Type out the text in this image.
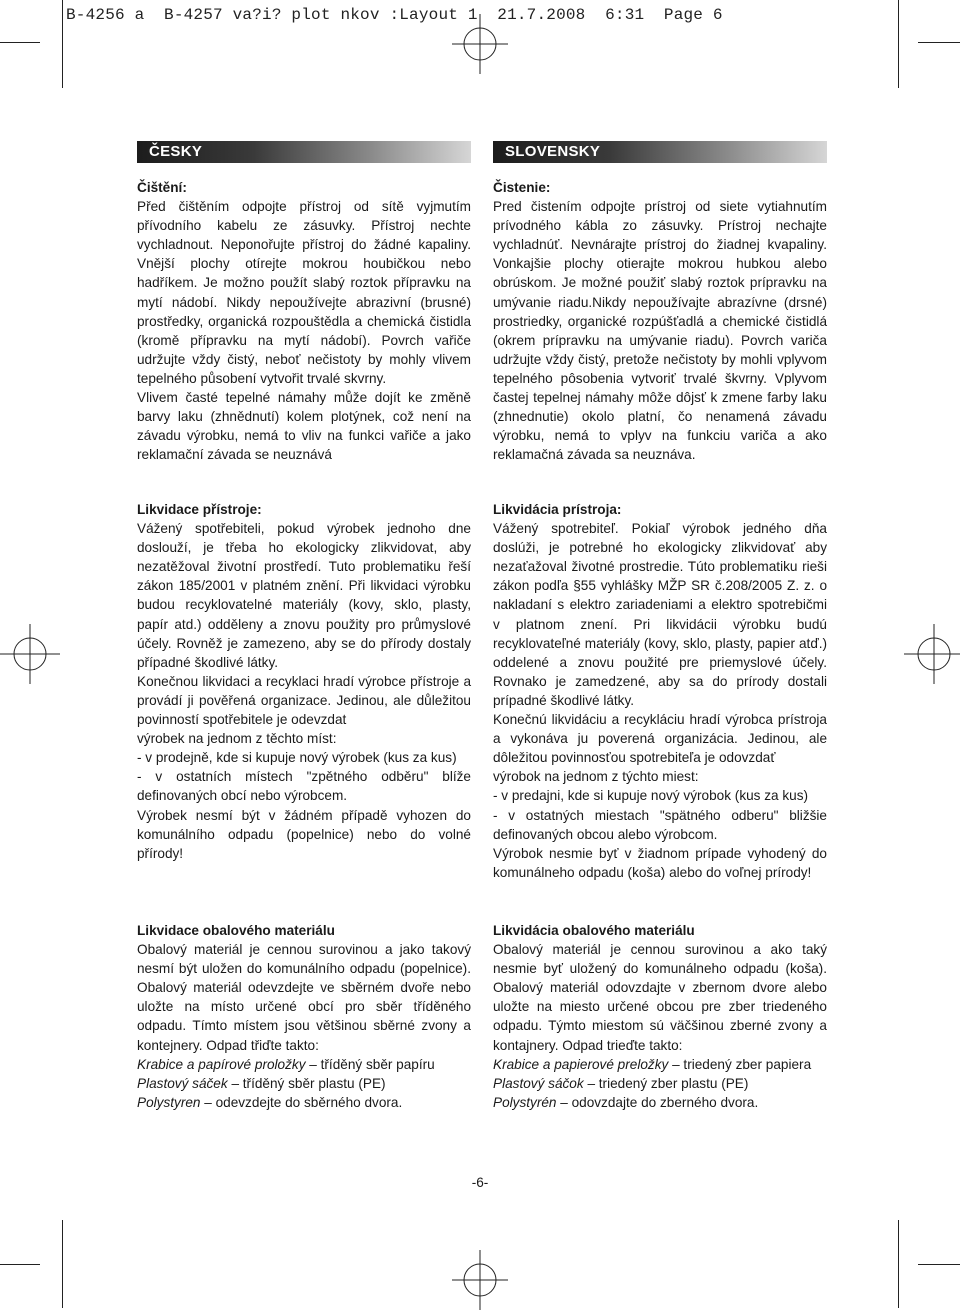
B-4256 a  B-4257 va?i? plot nkov :Layout 1  21.7.2008  6:31  Page 6
ČESKY	SLOVENSKY

Čištění:

Před čištěním odpojte přístroj od sítě vyjmutím přívodního kabelu ze zásuvky. Přístroj nechte vychladnout. Neponořujte přístroj do žádné kapaliny. Vnější plochy otírejte mokrou houbičkou nebo hadříkem. Je možno použít slabý roztok přípravku na mytí nádobí. Nikdy nepoužívejte abrazivní (brusné) prostředky, organická rozpouštědla a chemická čistidla (kromě přípravku na mytí nádobí). Povrch vařiče udržujte vždy čistý, neboť nečistoty by mohly vlivem tepelného působení vytvořit trvalé skvrny.

Vlivem časté tepelné námahy může dojít ke změně barvy laku (zhnědnutí) kolem plotýnek, což není na závadu výrobku, nemá to vliv na funkci vařiče a jako reklamační závada se neuznává

Likvidace přístroje:

Vážený spotřebiteli, pokud výrobek jednoho dne doslouží, je třeba ho ekologicky zlikvidovat, aby nezatěžoval životní prostředí. Tuto problematiku řeší zákon 185/2001 v platném znění. Při likvidaci výrobku budou recyklovatelné materiály (kovy, sklo, plasty, papír atd.) odděleny a znovu použity pro průmyslové účely. Rovněž je zamezeno, aby se do přírody dostaly případné škodlivé látky.

Konečnou likvidaci a recyklaci hradí výrobce přístroje a provádí ji pověřená organizace. Jedinou, ale důležitou povinností spotřebitele je odevzdat

výrobek na jednom z těchto míst:

- v prodejně, kde si kupuje nový výrobek (kus za kus)

- v ostatních místech "zpětného odběru" blíže definovaných obcí nebo výrobcem.

Výrobek nesmí být v žádném případě vyhozen do komunálního odpadu (popelnice) nebo do volné přírody!

Likvidace obalového materiálu

Obalový materiál je cennou surovinou a jako takový nesmí být uložen do komunálního odpadu (popelnice). Obalový materiál odevzdejte ve sběrném dvoře nebo uložte na místo určené obcí pro sběr tříděného odpadu. Tímto místem jsou většinou sběrné zvony a kontejnery. Odpad třiďte takto:

Krabice a papírové proložky – tříděný sběr papíru

Plastový sáček – tříděný sběr plastu (PE)

Polystyren – odevzdejte do sběrného dvora.

Čistenie:

Pred čistením odpojte prístroj od siete vytiahnutím prívodného kábla zo zásuvky. Prístroj nechajte vychladnúť. Nevnárajte prístroj do žiadnej kvapaliny. Vonkajšie plochy otierajte mokrou hubkou alebo obrúskom. Je možné použiť slabý roztok prípravku na umývanie riadu.Nikdy nepoužívajte abrazívne (drsné) prostriedky, organické rozpúšťadlá a chemické čistidlá (okrem prípravku na umývanie riadu). Povrch variča udržujte vždy čistý, pretože nečistoty by mohli vplyvom tepelného pôsobenia vytvoriť trvalé škvrny. Vplyvom častej tepelnej námahy môže dôjsť k zmene farby laku (zhnednutie) okolo platní, čo nenamená závadu výrobku, nemá to vplyv na funkciu variča a ako reklamačná závada sa neuznáva.

Likvidácia prístroja:

Vážený spotrebiteľ. Pokiaľ výrobok jedného dňa doslúži, je potrebné ho ekologicky zlikvidovať aby nezaťažoval životné prostredie. Túto problematiku rieši zákon podľa §55 vyhlášky MŽP SR č.208/2005 Z. z. o nakladaní s elektro zariadeniami a elektro spotrebičmi v platnom znení. Pri likvidácii výrobku budú recyklovateľné materiály (kovy, sklo, plasty, papier atď.) oddelené a znovu použité pre priemyslové účely. Rovnako je zamedzené, aby sa do prírody dostali prípadné škodlivé látky.

Konečnú likvidáciu a recykláciu hradí výrobca prístroja a vykonáva ju poverená organizácia. Jedinou, ale dôležitou povinnosťou spotrebiteľa je odovzdať

výrobok na jednom z týchto miest:

- v predajni, kde si kupuje nový výrobok (kus za kus)

- v ostatných miestach "spätného odberu" bližšie definovaných obcou alebo výrobcom.

Výrobok nesmie byť v žiadnom prípade vyhodený do komunálneho odpadu (koša) alebo do voľnej prírody!

Likvidácia obalového materiálu

Obalový materiál je cennou surovinou a ako taký nesmie byť uložený do komunálneho odpadu (koša). Obalový materiál odovzdajte v zbernom dvore alebo uložte na miesto určené obcou pre zber triedeného odpadu. Týmto miestom sú väčšinou zberné zvony a kontajnery. Odpad trieďte takto:

Krabice a papierové preložky – triedený zber papiera

Plastový sáčok – triedený zber plastu (PE)

Polystyrén – odovzdajte do zberného dvora.

-6-
